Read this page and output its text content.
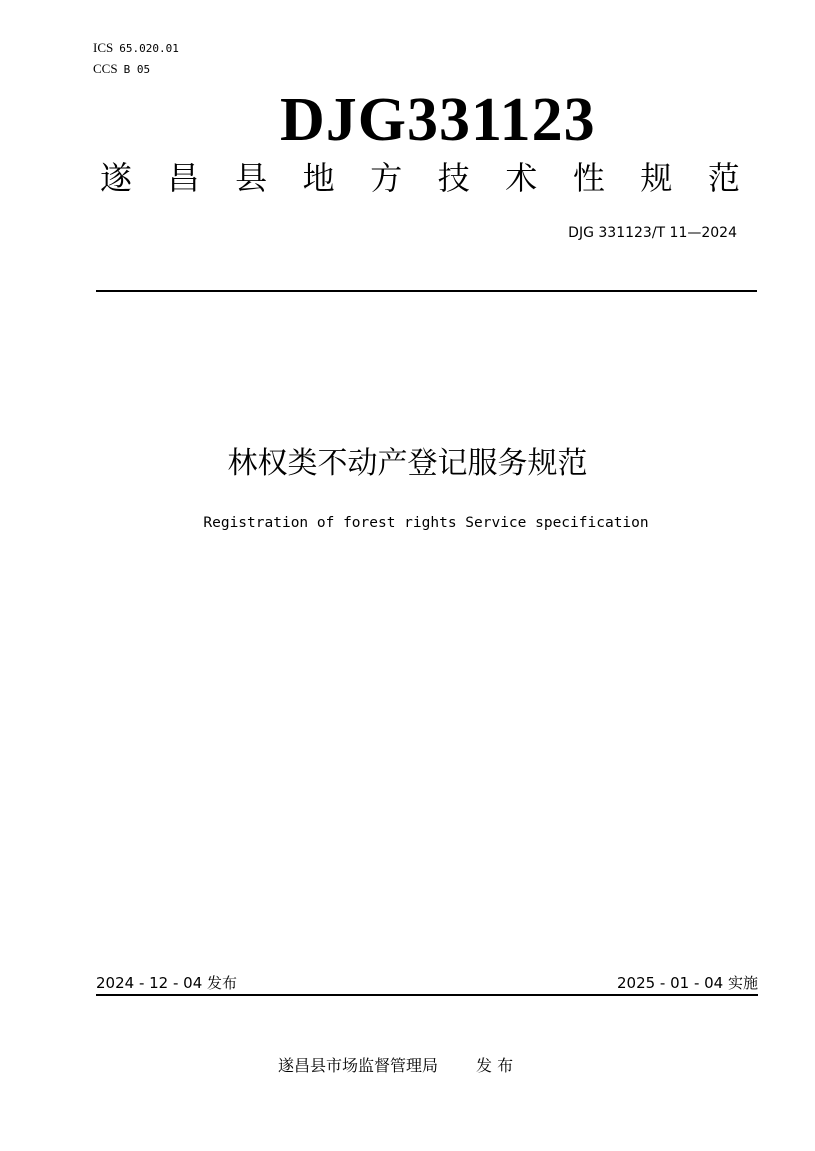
ICS 65.020.01
CCS B 05
DJG331123
遂 昌 县 地 方 技 术 性 规 范
DJG 331123/T 11—2024
林权类不动产登记服务规范
Registration of forest rights Service specification
2024 - 12 - 04 发布	2025 - 01 - 04 实施
遂昌县市场监督管理局 发 布
